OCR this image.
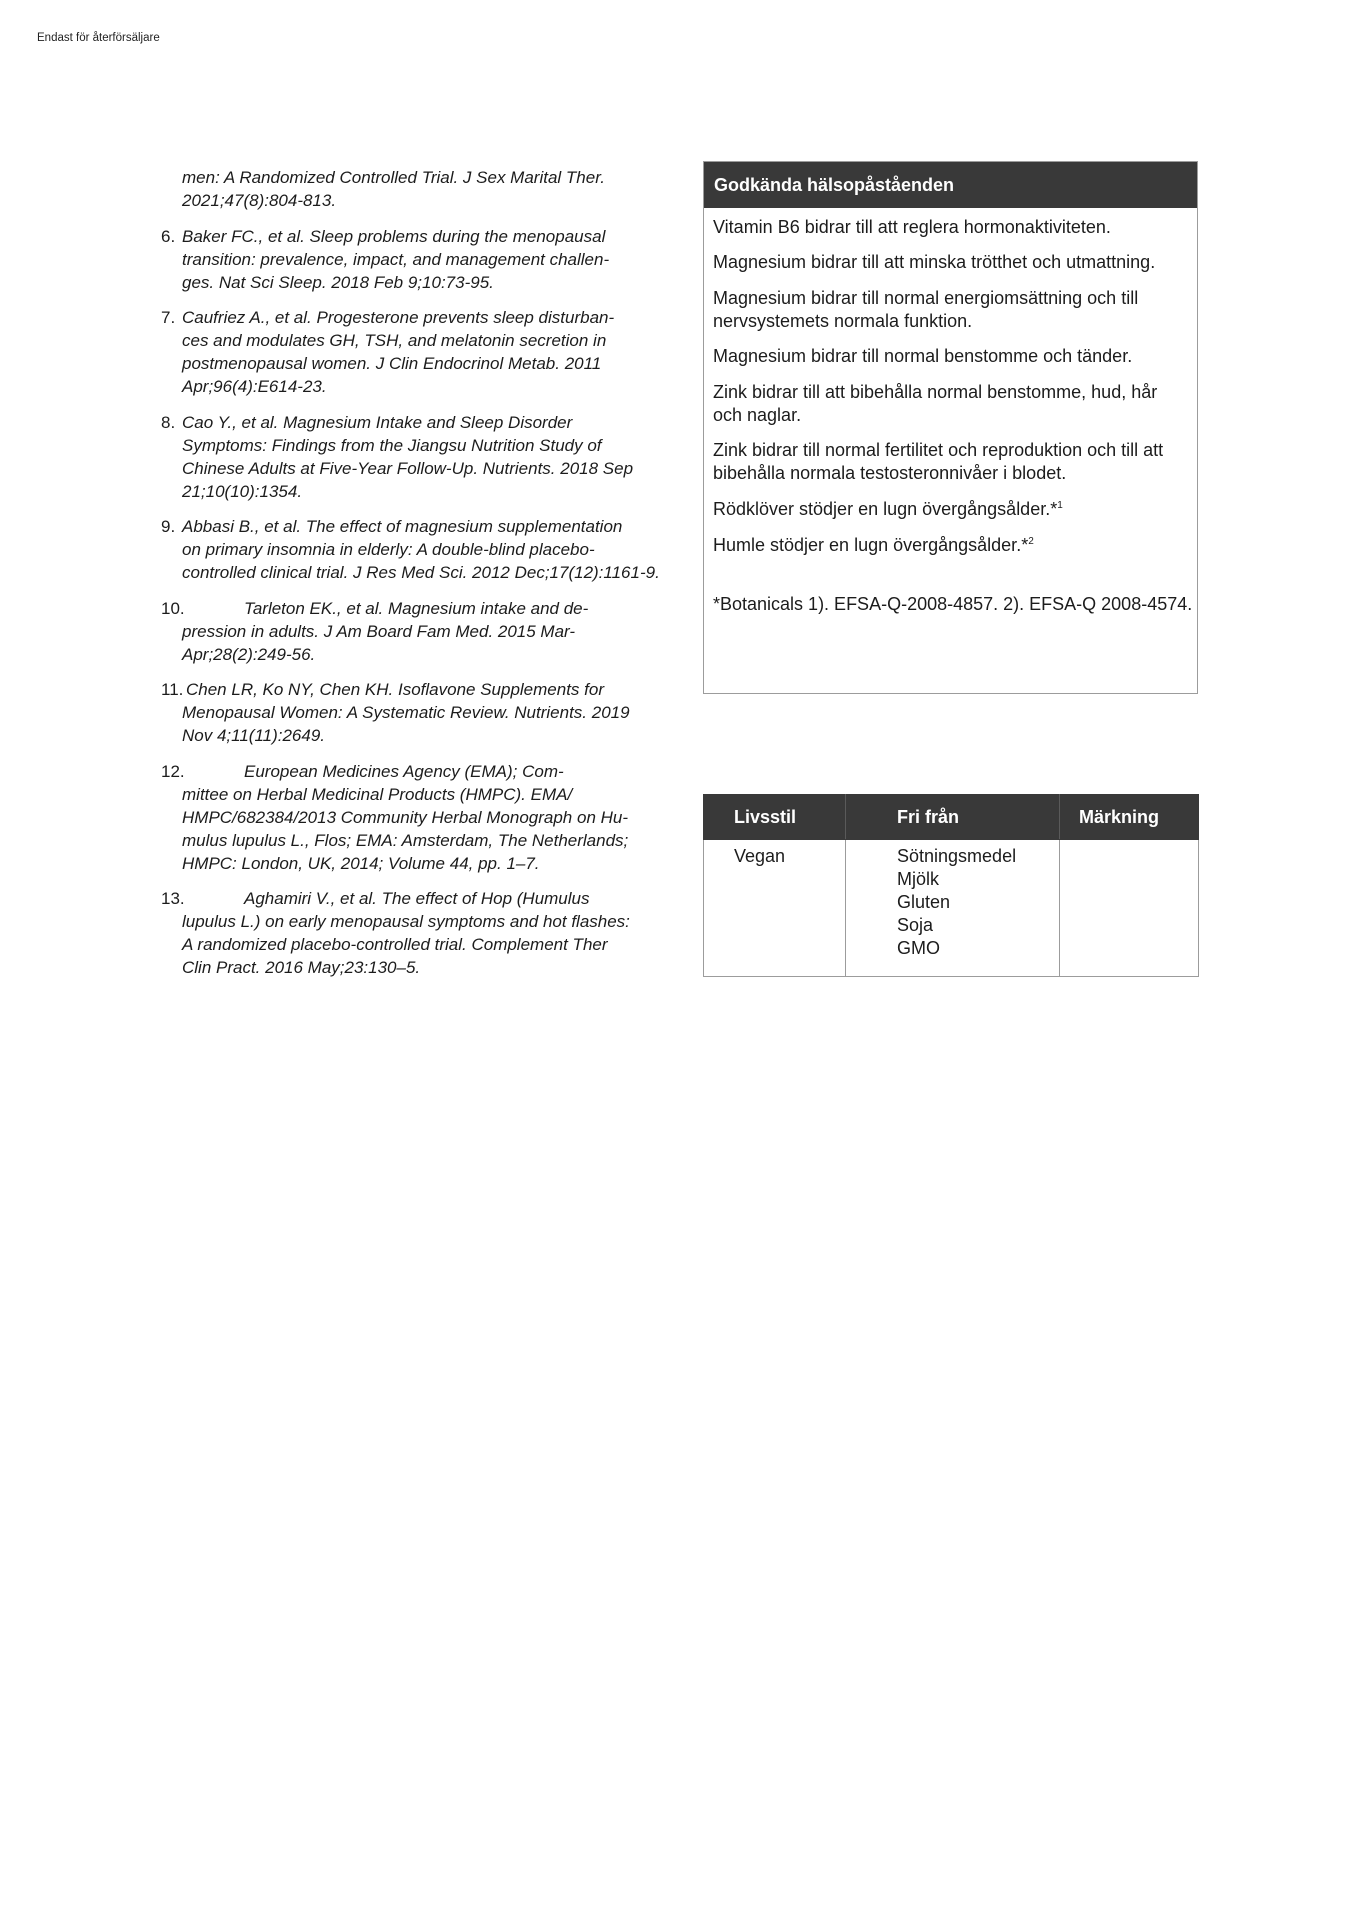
Endast för återförsäljare
men: A Randomized Controlled Trial. J Sex Marital Ther.
2021;47(8):804-813.
6. Baker FC., et al. Sleep problems during the menopausal
transition: prevalence, impact, and management challen-
ges. Nat Sci Sleep. 2018 Feb 9;10:73-95.
7. Caufriez A., et al. Progesterone prevents sleep disturban-
ces and modulates GH, TSH, and melatonin secretion in
postmenopausal women. J Clin Endocrinol Metab. 2011
Apr;96(4):E614-23.
8. Cao Y., et al. Magnesium Intake and Sleep Disorder
Symptoms: Findings from the Jiangsu Nutrition Study of
Chinese Adults at Five-Year Follow-Up. Nutrients. 2018 Sep
21;10(10):1354.
9. Abbasi B., et al. The effect of magnesium supplementation
on primary insomnia in elderly: A double-blind placebo-
controlled clinical trial. J Res Med Sci. 2012 Dec;17(12):1161-9.
10.	Tarleton EK., et al. Magnesium intake and de-
pression in adults. J Am Board Fam Med. 2015 Mar-
Apr;28(2):249-56.
11. Chen LR, Ko NY, Chen KH. Isoflavone Supplements for
Menopausal Women: A Systematic Review. Nutrients. 2019
Nov 4;11(11):2649.
12.	European Medicines Agency (EMA); Com-
mittee on Herbal Medicinal Products (HMPC). EMA/
HMPC/682384/2013 Community Herbal Monograph on Hu-
mulus lupulus L., Flos; EMA: Amsterdam, The Netherlands;
HMPC: London, UK, 2014; Volume 44, pp. 1–7.
13.	Aghamiri V., et al. The effect of Hop (Humulus
lupulus L.) on early menopausal symptoms and hot flashes:
A randomized placebo-controlled trial. Complement Ther
Clin Pract. 2016 May;23:130–5.
Godkända hälsopåståenden
Vitamin B6 bidrar till att reglera hormonaktiviteten.
Magnesium bidrar till att minska trötthet och utmattning.
Magnesium bidrar till normal energiomsättning och till
nervsystemets normala funktion.
Magnesium bidrar till normal benstomme och tänder.
Zink bidrar till att bibehålla normal benstomme, hud, hår
och naglar.
Zink bidrar till normal fertilitet och reproduktion och till att
bibehålla normala testosteronnivåer i blodet.
Rödklöver stödjer en lugn övergångsålder.*$^1$
Humle stödjer en lugn övergångsålder.*$^2$
*Botanicals 1). EFSA-Q-2008-4857. 2). EFSA-Q 2008-4574.
Livsstil	Fri från	Märkning
Vegan	Sötningsmedel
Mjölk
Gluten
Soja
GMO	
